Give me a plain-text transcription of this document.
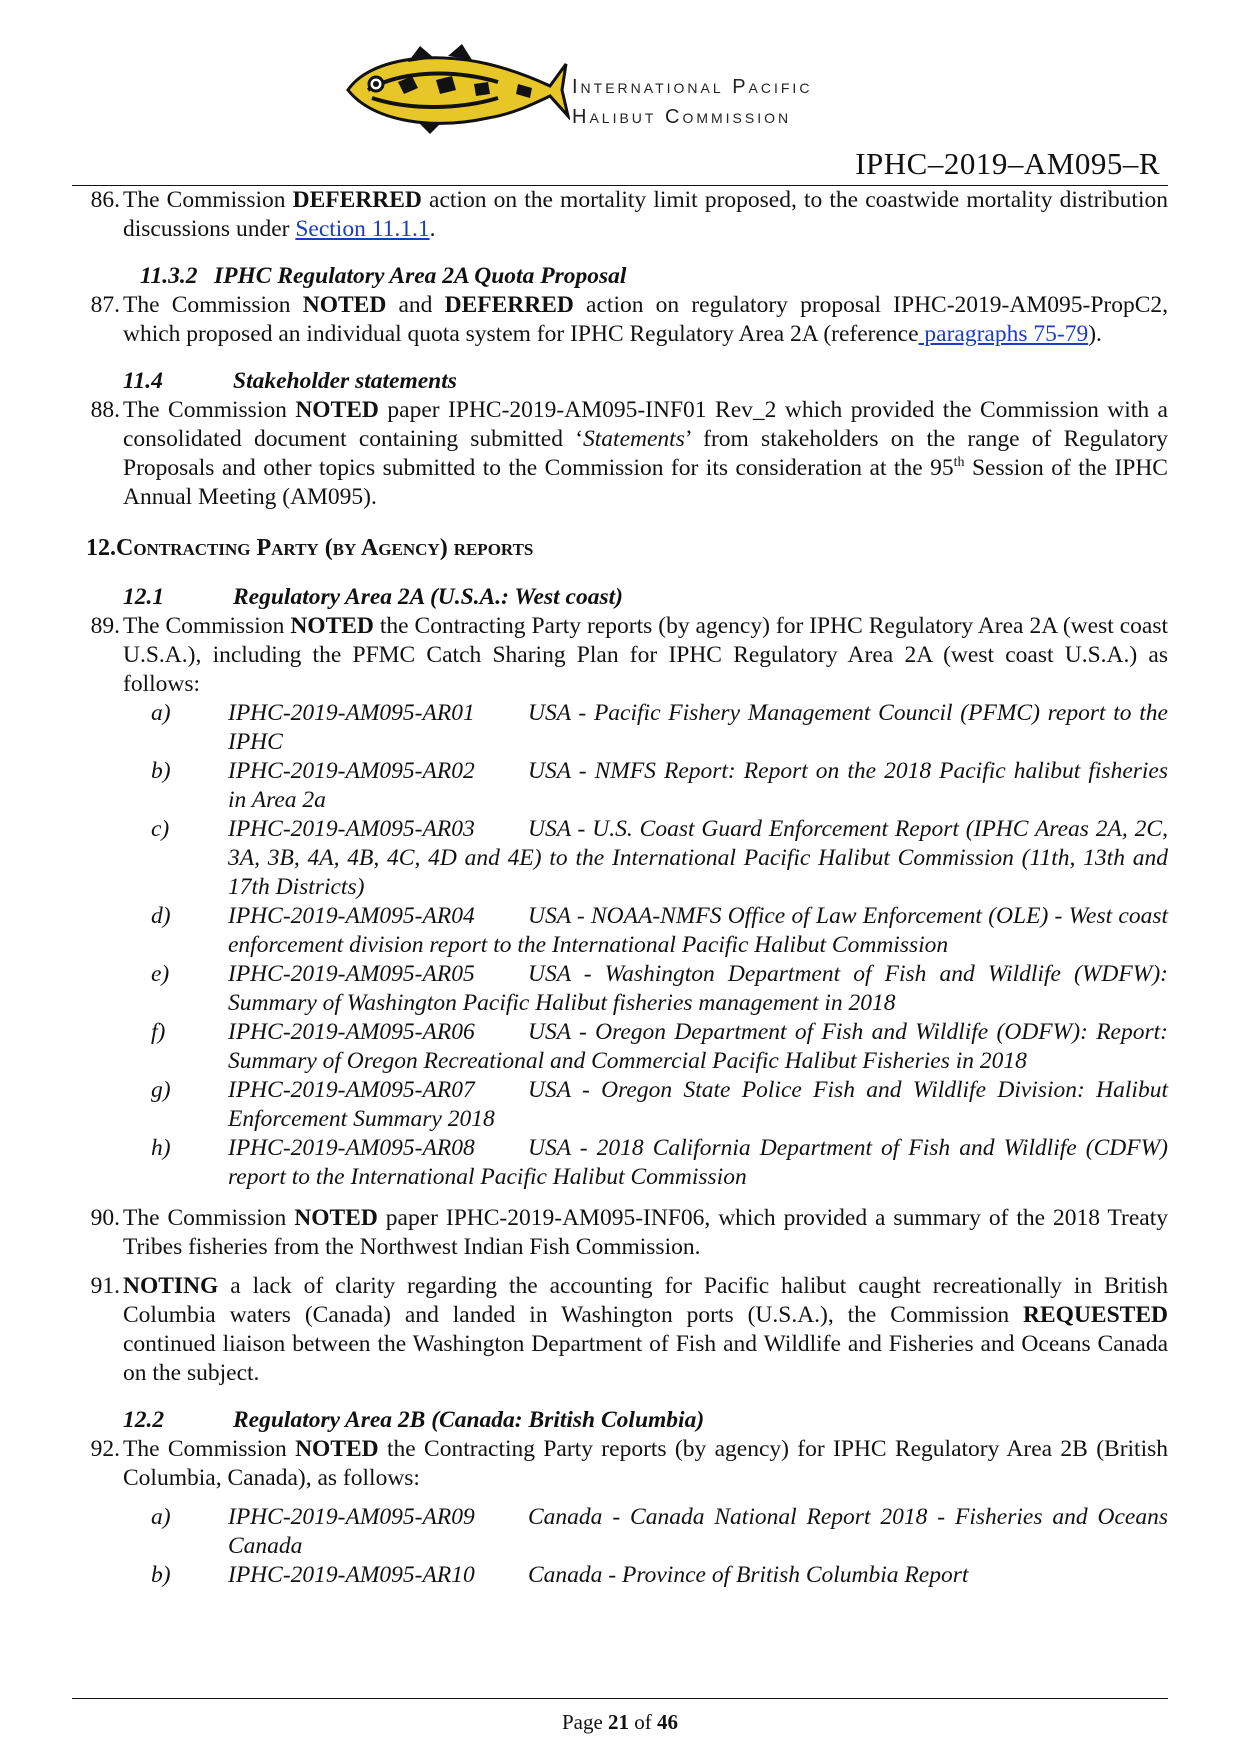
International Pacific
Halibut Commission
IPHC–2019–AM095–R

86. The Commission DEFERRED action on the mortality limit proposed, to the coastwide mortality distribution discussions under Section 11.1.1.

11.3.2 IPHC Regulatory Area 2A Quota Proposal

87. The Commission NOTED and DEFERRED action on regulatory proposal IPHC-2019-AM095-PropC2, which proposed an individual quota system for IPHC Regulatory Area 2A (reference paragraphs 75-79).

11.4	Stakeholder statements

88. The Commission NOTED paper IPHC-2019-AM095-INF01 Rev_2 which provided the Commission with a consolidated document containing submitted ‘Statements’ from stakeholders on the range of Regulatory Proposals and other topics submitted to the Commission for its consideration at the 95th Session of the IPHC Annual Meeting (AM095).

12.Contracting Party (by Agency) reports

12.1	Regulatory Area 2A (U.S.A.: West coast)

89. The Commission NOTED the Contracting Party reports (by agency) for IPHC Regulatory Area 2A (west coast U.S.A.), including the PFMC Catch Sharing Plan for IPHC Regulatory Area 2A (west coast U.S.A.) as follows:

a) IPHC-2019-AM095-AR01 USA - Pacific Fishery Management Council (PFMC) report to the IPHC

b) IPHC-2019-AM095-AR02 USA - NMFS Report: Report on the 2018 Pacific halibut fisheries in Area 2a

c) IPHC-2019-AM095-AR03 USA - U.S. Coast Guard Enforcement Report (IPHC Areas 2A, 2C, 3A, 3B, 4A, 4B, 4C, 4D and 4E) to the International Pacific Halibut Commission (11th, 13th and 17th Districts)

d) IPHC-2019-AM095-AR04 USA - NOAA-NMFS Office of Law Enforcement (OLE) - West coast enforcement division report to the International Pacific Halibut Commission

e) IPHC-2019-AM095-AR05 USA - Washington Department of Fish and Wildlife (WDFW): Summary of Washington Pacific Halibut fisheries management in 2018

f)	IPHC-2019-AM095-AR06 USA - Oregon Department of Fish and Wildlife (ODFW): Report: Summary of Oregon Recreational and Commercial Pacific Halibut Fisheries in 2018

g) IPHC-2019-AM095-AR07 USA - Oregon State Police Fish and Wildlife Division: Halibut Enforcement Summary 2018

h) IPHC-2019-AM095-AR08 USA - 2018 California Department of Fish and Wildlife (CDFW) report to the International Pacific Halibut Commission

90. The Commission NOTED paper IPHC-2019-AM095-INF06, which provided a summary of the 2018 Treaty Tribes fisheries from the Northwest Indian Fish Commission.

91. NOTING a lack of clarity regarding the accounting for Pacific halibut caught recreationally in British Columbia waters (Canada) and landed in Washington ports (U.S.A.), the Commission REQUESTED continued liaison between the Washington Department of Fish and Wildlife and Fisheries and Oceans Canada on the subject.

12.2	Regulatory Area 2B (Canada: British Columbia)

92. The Commission NOTED the Contracting Party reports (by agency) for IPHC Regulatory Area 2B (British Columbia, Canada), as follows:

a) IPHC-2019-AM095-AR09 Canada - Canada National Report 2018 - Fisheries and Oceans Canada

b) IPHC-2019-AM095-AR10 Canada - Province of British Columbia Report

Page 21 of 46
